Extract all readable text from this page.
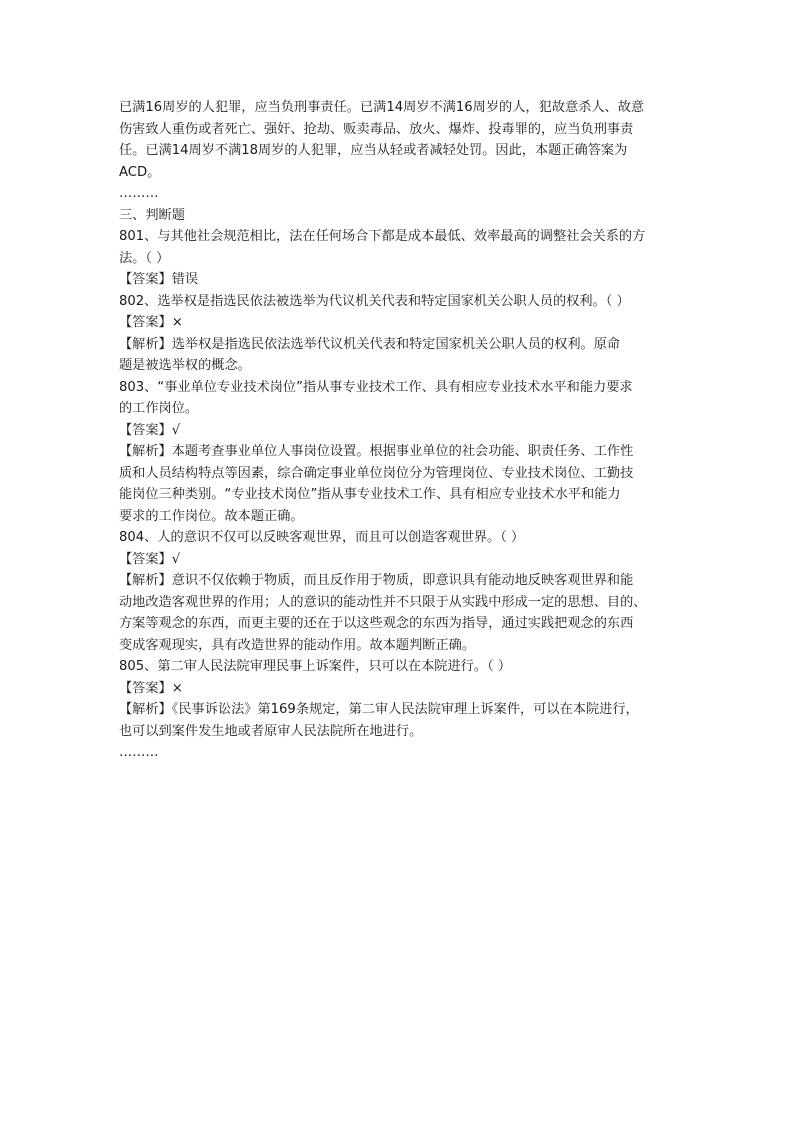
已满16周岁的人犯罪，应当负刑事责任。已满14周岁不满16周岁的人，犯故意杀人、故意
伤害致人重伤或者死亡、强奸、抢劫、贩卖毒品、放火、爆炸、投毒罪的，应当负刑事责
任。已满14周岁不满18周岁的人犯罪，应当从轻或者减轻处罚。因此，本题正确答案为
ACD。
………
三、判断题
801、与其他社会规范相比，法在任何场合下都是成本最低、效率最高的调整社会关系的方
法。（ ）
【答案】错误
802、选举权是指选民依法被选举为代议机关代表和特定国家机关公职人员的权利。（ ）
【答案】×
【解析】选举权是指选民依法选举代议机关代表和特定国家机关公职人员的权利。原命
题是被选举权的概念。
803、“事业单位专业技术岗位”指从事专业技术工作、具有相应专业技术水平和能力要求
的工作岗位。
【答案】√
【解析】本题考查事业单位人事岗位设置。根据事业单位的社会功能、职责任务、工作性
质和人员结构特点等因素，综合确定事业单位岗位分为管理岗位、专业技术岗位、工勤技
能岗位三种类别。“专业技术岗位”指从事专业技术工作、具有相应专业技术水平和能力
要求的工作岗位。故本题正确。
804、人的意识不仅可以反映客观世界，而且可以创造客观世界。（ ）
【答案】√
【解析】意识不仅依赖于物质，而且反作用于物质，即意识具有能动地反映客观世界和能
动地改造客观世界的作用；人的意识的能动性并不只限于从实践中形成一定的思想、目的、
方案等观念的东西，而更主要的还在于以这些观念的东西为指导，通过实践把观念的东西
变成客观现实，具有改造世界的能动作用。故本题判断正确。
805、第二审人民法院审理民事上诉案件，只可以在本院进行。（ ）
【答案】×
【解析】《民事诉讼法》第169条规定，第二审人民法院审理上诉案件，可以在本院进行，
也可以到案件发生地或者原审人民法院所在地进行。
………
